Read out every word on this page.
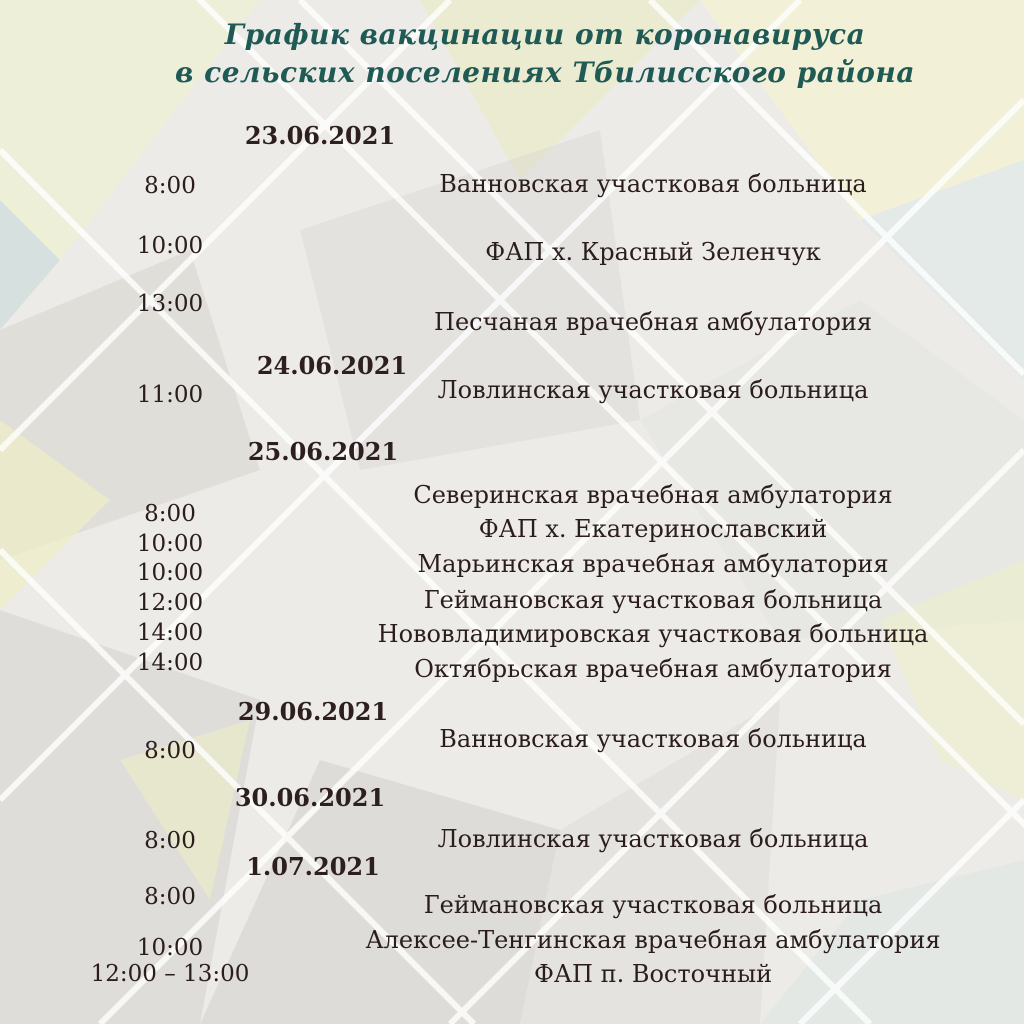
График вакцинации от коронавируса
в сельских поселениях Тбилисского района
23.06.2021
24.06.2021
25.06.2021
29.06.2021
30.06.2021
1.07.2021
8:00
10:00
13:00
11:00
8:00
10:00
10:00
12:00
14:00
14:00
8:00
8:00
8:00
10:00
12:00 – 13:00
Ванновская участковая больница
ФАП х. Красный Зеленчук
Песчаная врачебная амбулатория
Ловлинская участковая больница
Северинская врачебная амбулатория
ФАП х. Екатеринославский
Марьинская врачебная амбулатория
Геймановская участковая больница
Нововладимировская участковая больница
Октябрьская врачебная амбулатория
Ванновская участковая больница
Ловлинская участковая больница
Геймановская участковая больница
Алексее-Тенгинская врачебная амбулатория
ФАП п. Восточный
